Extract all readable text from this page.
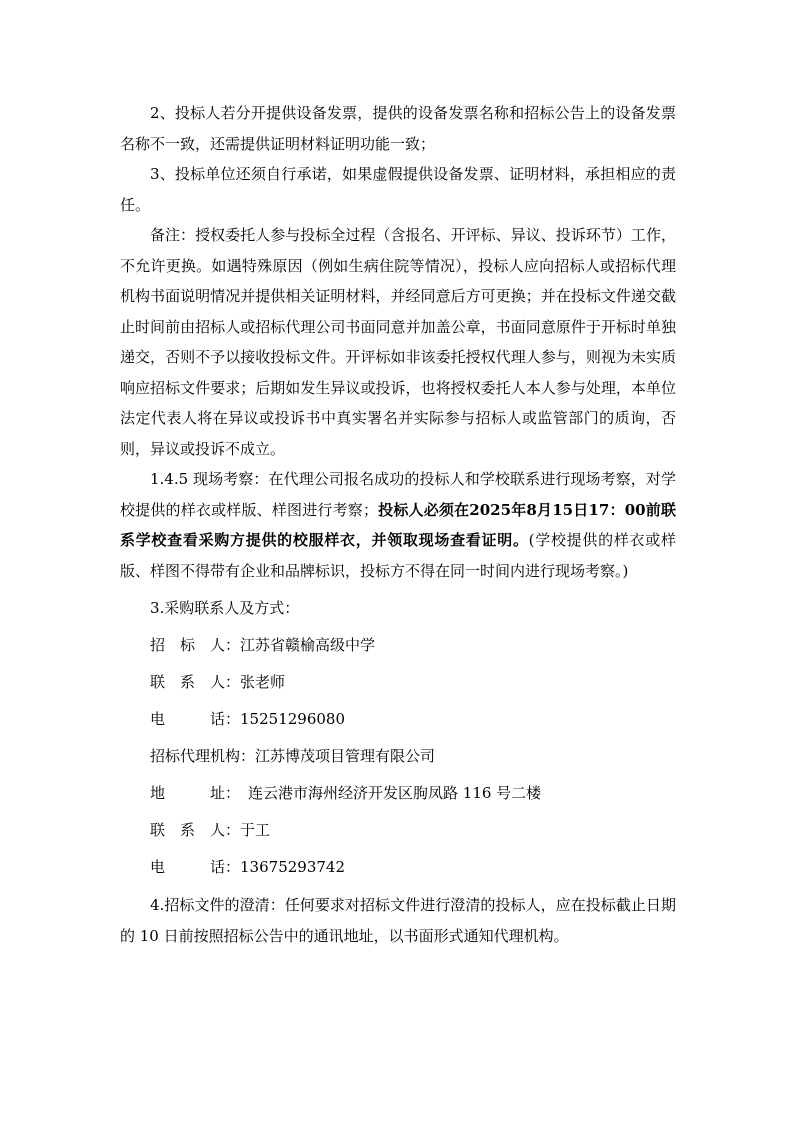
2、投标人若分开提供设备发票，提供的设备发票名称和招标公告上的设备发票名称不一致，还需提供证明材料证明功能一致；

3、投标单位还须自行承诺，如果虚假提供设备发票、证明材料，承担相应的责任。

备注：授权委托人参与投标全过程（含报名、开评标、异议、投诉环节）工作，不允许更换。如遇特殊原因（例如生病住院等情况），投标人应向招标人或招标代理机构书面说明情况并提供相关证明材料，并经同意后方可更换；并在投标文件递交截止时间前由招标人或招标代理公司书面同意并加盖公章，书面同意原件于开标时单独递交，否则不予以接收投标文件。开评标如非该委托授权代理人参与，则视为未实质响应招标文件要求；后期如发生异议或投诉，也将授权委托人本人参与处理，本单位法定代表人将在异议或投诉书中真实署名并实际参与招标人或监管部门的质询，否则，异议或投诉不成立。

1.4.5 现场考察：在代理公司报名成功的投标人和学校联系进行现场考察，对学校提供的样衣或样版、样图进行考察；投标人必须在2025年8月15日17：00前联系学校查看采购方提供的校服样衣，并领取现场查看证明。(学校提供的样衣或样版、样图不得带有企业和品牌标识，投标方不得在同一时间内进行现场考察。)

3.采购联系人及方式：
招　标　人：江苏省赣榆高级中学
联　系　人：张老师
电　　　话：15251296080
招标代理机构：江苏博茂项目管理有限公司
地　　　址： 连云港市海州经济开发区朐凤路 116 号二楼
联　系　人：于工
电　　　话：13675293742

4.招标文件的澄清：任何要求对招标文件进行澄清的投标人，应在投标截止日期的 10 日前按照招标公告中的通讯地址，以书面形式通知代理机构。
